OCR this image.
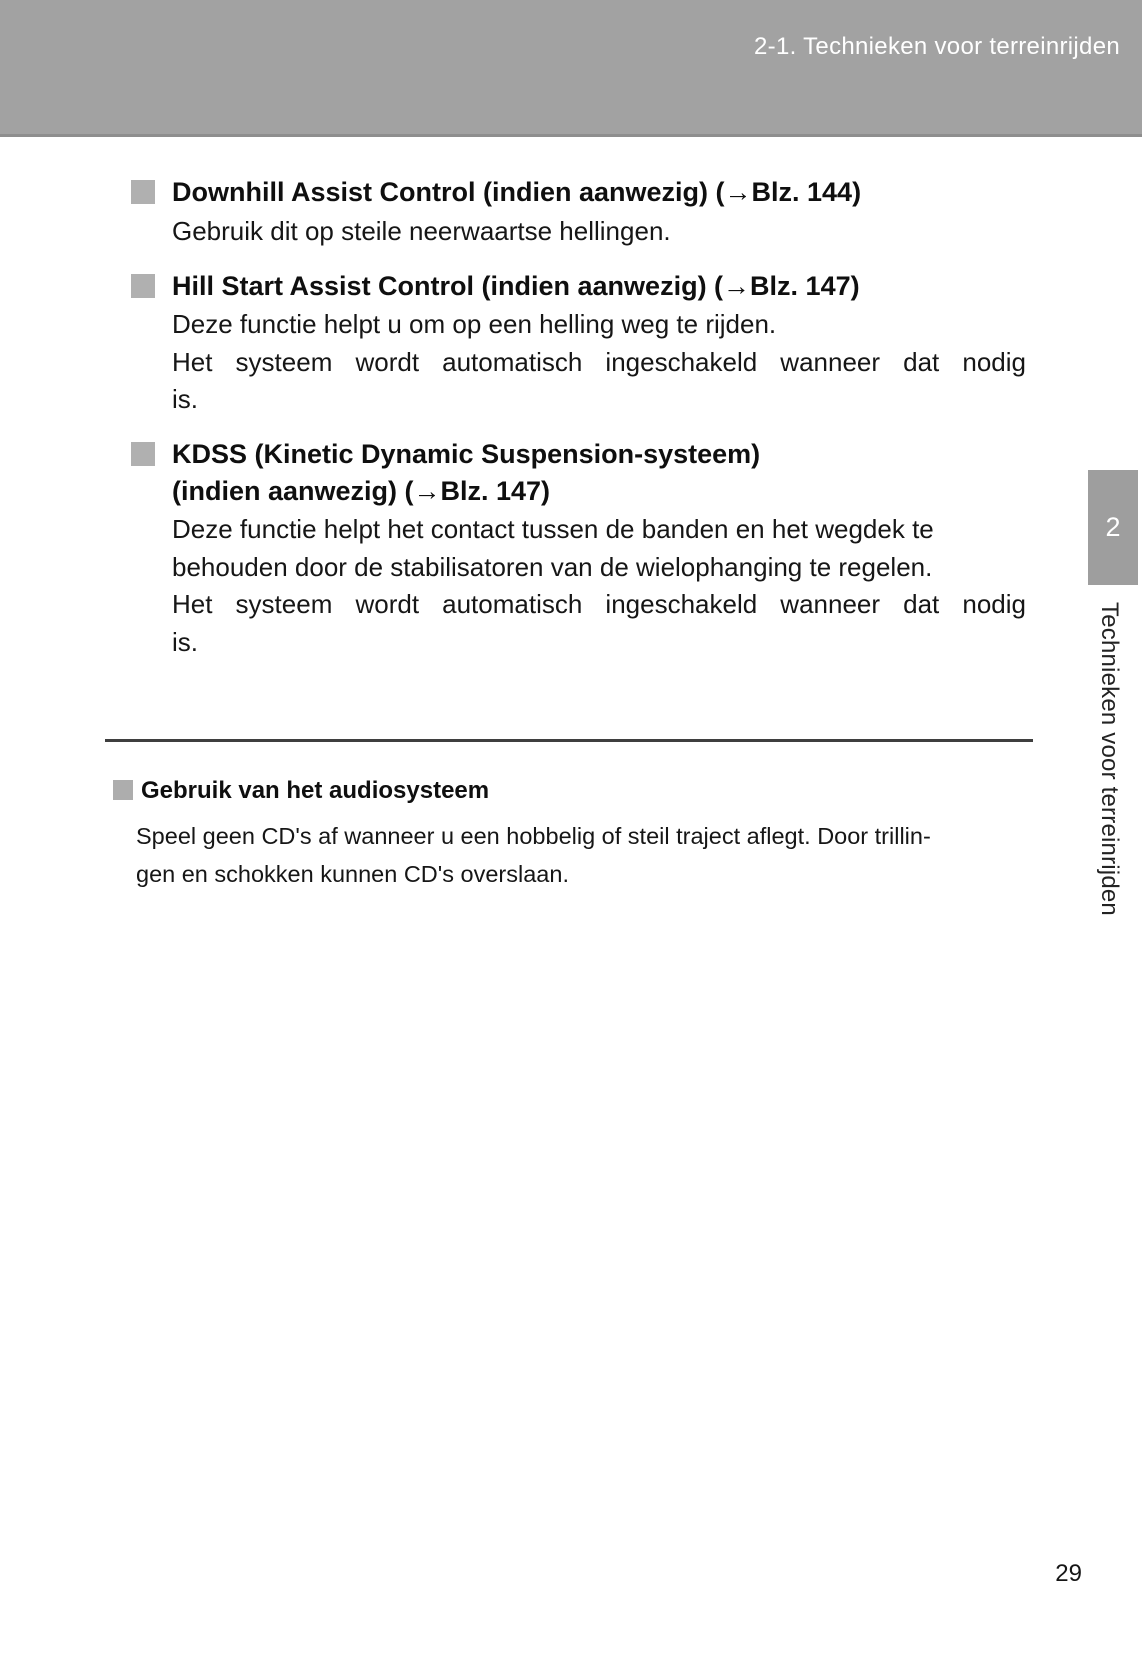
2-1. Technieken voor terreinrijden
Downhill Assist Control (indien aanwezig) (→Blz. 144)
Gebruik dit op steile neerwaartse hellingen.
Hill Start Assist Control (indien aanwezig) (→Blz. 147)
Deze functie helpt u om op een helling weg te rijden.
Het systeem wordt automatisch ingeschakeld wanneer dat nodig
is.
KDSS (Kinetic Dynamic Suspension-systeem)
(indien aanwezig) (→Blz. 147)
Deze functie helpt het contact tussen de banden en het wegdek te
behouden door de stabilisatoren van de wielophanging te regelen.
Het systeem wordt automatisch ingeschakeld wanneer dat nodig
is.
Gebruik van het audiosysteem
Speel geen CD's af wanneer u een hobbelig of steil traject aflegt. Door trillin-
gen en schokken kunnen CD's overslaan.
2
Technieken voor terreinrijden
29
